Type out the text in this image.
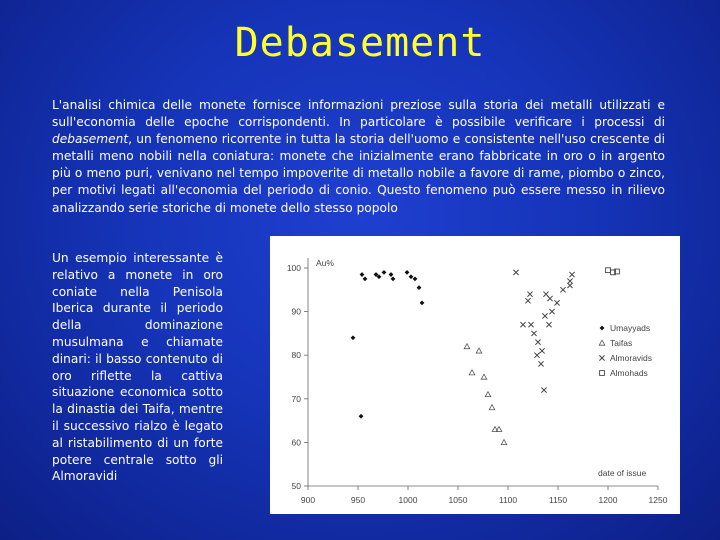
Debasement
L'analisi chimica delle monete fornisce informazioni preziose sulla storia dei metalli utilizzati e sull'economia delle epoche corrispondenti. In particolare è possibile verificare i processi di debasement, un fenomeno ricorrente in tutta la storia dell'uomo e consistente nell'uso crescente di metalli meno nobili nella coniatura: monete che inizialmente erano fabbricate in oro o in argento più o meno puri, venivano nel tempo impoverite di metallo nobile a favore di rame, piombo o zinco, per motivi legati all'economia del periodo di conio. Questo fenomeno può essere messo in rilievo analizzando serie storiche di monete dello stesso popolo
Un esempio interessante è relativo a monete in oro coniate nella Penisola Iberica durante il periodo della dominazione musulmana e chiamate dinari: il basso contenuto di oro riflette la cattiva situazione economica sotto la dinastia dei Taifa, mentre il successivo rialzo è legato al ristabilimento di un forte potere centrale sotto gli Almoravidi
50
60
70
80
90
100
900	950	1000	1050	1100	1150	1200	1250
Au%
date of issue
Umayyads
Taifas
Almoravids
Almohads
